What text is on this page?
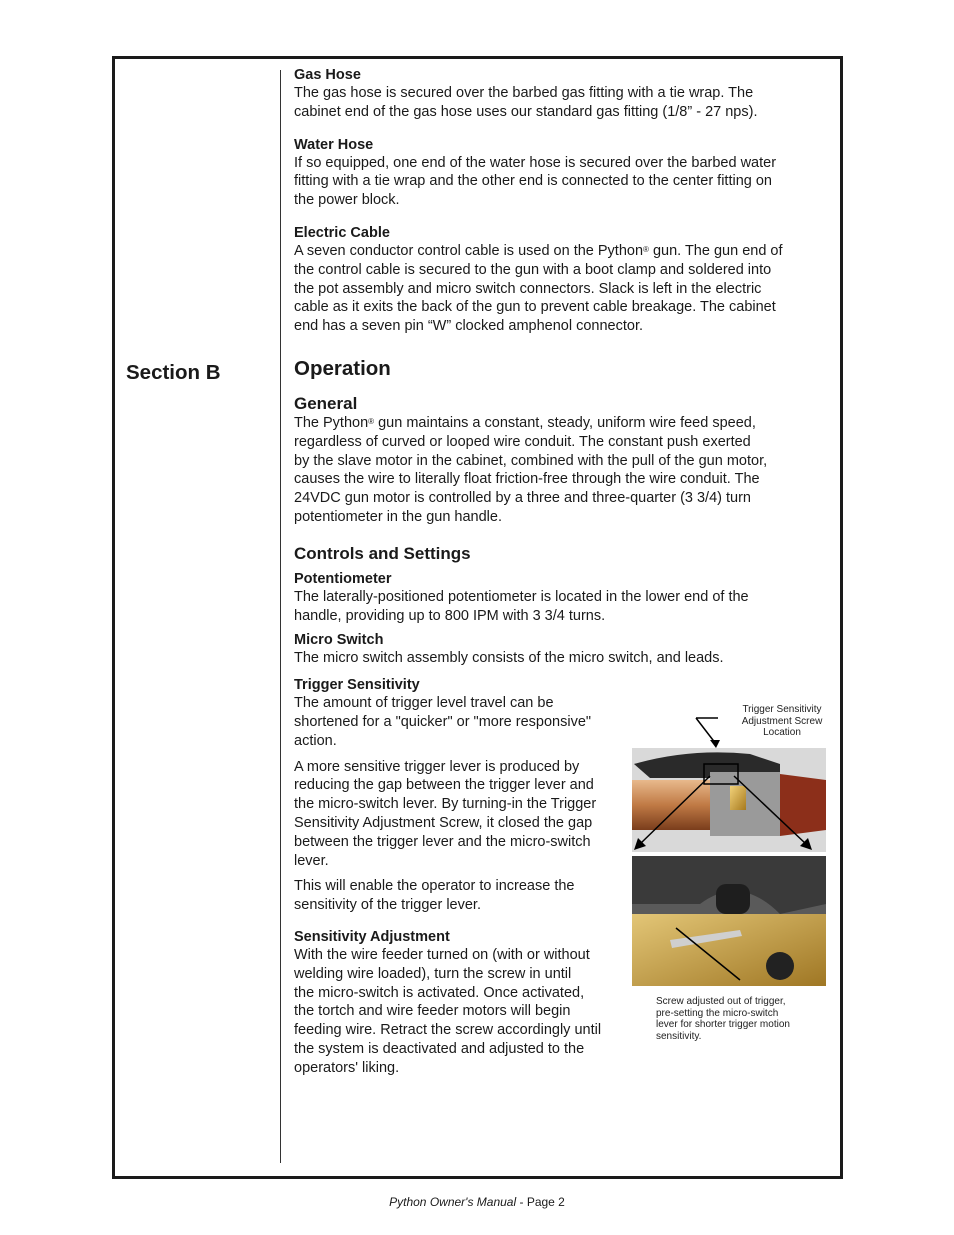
Section B
Gas Hose
The gas hose is secured over the barbed gas fitting with a tie wrap. The
cabinet end of the gas hose uses our standard gas fitting (1/8” - 27 nps).
Water Hose
If so equipped, one end of the water hose is secured over the barbed water
fitting with a tie wrap and the other end is connected to the center fitting on
the power block.
Electric Cable
A seven conductor control cable is used on the Python® gun. The gun end of
the control cable is secured to the gun with a boot clamp and soldered into
the pot assembly and micro switch connectors. Slack is left in the electric
cable as it exits the back of the gun to prevent cable breakage. The cabinet
end has a seven pin “W” clocked amphenol connector.
Operation
General
The Python® gun maintains a constant, steady, uniform wire feed speed,
regardless of curved or looped wire conduit. The constant push exerted
by the slave motor in the cabinet, combined with the pull of the gun motor,
causes the wire to literally float friction-free through the wire conduit. The
24VDC gun motor is controlled by a three and three-quarter (3 3/4) turn
potentiometer in the gun handle.
Controls and Settings
Potentiometer
The laterally-positioned potentiometer is located in the lower end of the
handle, providing up to 800 IPM with 3 3/4 turns.
Micro Switch
The micro switch assembly consists of the micro switch, and leads.
Trigger Sensitivity
The amount of trigger level travel can be
shortened for a "quicker" or "more responsive"
action.
A more sensitive trigger lever is produced by
reducing the gap between the trigger lever and
the micro-switch lever. By turning-in the Trigger
Sensitivity Adjustment Screw, it closed the gap
between the trigger lever and the micro-switch
lever.
This will enable the operator to increase the
sensitivity of the trigger lever.
Sensitivity Adjustment
With the wire feeder turned on (with or without
welding wire loaded), turn the screw in until
the micro-switch is activated. Once activated,
the tortch and wire feeder motors will begin
feeding wire. Retract the screw accordingly until
the system is deactivated and adjusted to the
operators' liking.
Trigger Sensitivity
Adjustment Screw
Location
Screw adjusted out of trigger,
pre-setting the micro-switch
lever for shorter trigger motion
sensitivity.
Python Owner's Manual - Page 2
